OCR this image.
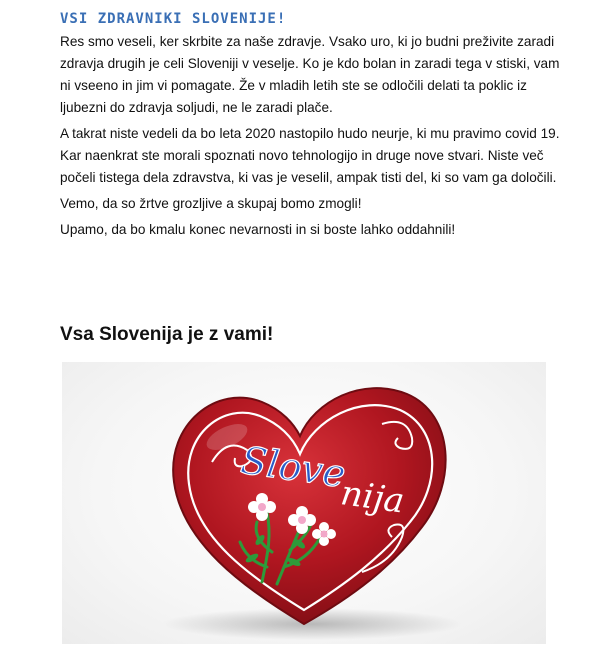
VSI ZDRAVNIKI SLOVENIJE!

Res smo veseli, ker skrbite za naše zdravje. Vsako uro, ki jo budni preživite zaradi zdravja drugih je celi Sloveniji v veselje. Ko je kdo bolan in zaradi tega v stiski, vam ni vseeno in jim vi pomagate. Že v mladih letih ste se odločili delati ta poklic iz ljubezni do zdravja soljudi, ne le zaradi plače.

A takrat niste vedeli da bo leta 2020 nastopilo hudo neurje, ki mu pravimo covid 19. Kar naenkrat ste morali spoznati novo tehnologijo in druge nove stvari. Niste več počeli tistega dela zdravstva, ki vas je veselil, ampak tisti del, ki so vam ga določili.

Vemo, da so žrtve grozljive a skupaj bomo zmogli!

Upamo, da bo kmalu konec nevarnosti in si boste lahko oddahnili!

Vsa Slovenija je z vami!
Slove
nija
